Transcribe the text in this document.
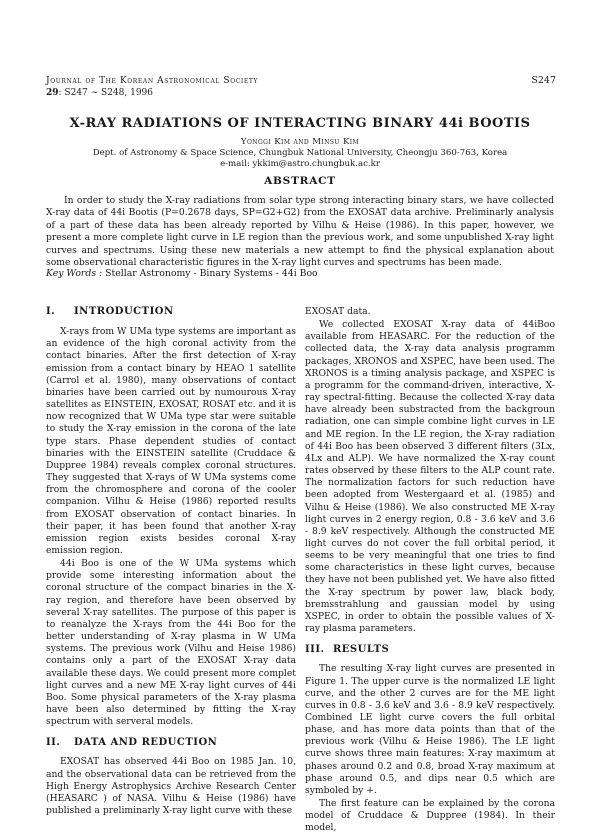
Journal of The Korean Astronomical Society
29: S247 ∼ S248, 1996
S247
X-RAY RADIATIONS OF INTERACTING BINARY 44i BOOTIS
Yonggi Kim and Minsu Kim
Dept. of Astronomy & Space Science, Chungbuk National University, Cheongju 360-763, Korea
e-mail: ykkim@astro.chungbuk.ac.kr
ABSTRACT

In order to study the X-ray radiations from solar type strong interacting binary stars, we have collected X-ray data of 44i Bootis (P=0.2678 days, SP=G2+G2) from the EXOSAT data archive. Preliminarly analysis of a part of these data has been already reported by Vilhu & Heise (1986). In this paper, however, we present a more complete light curve in LE region than the previous work, and some unpublished X-ray light curves and spectrums. Using these new materials a new attempt to find the physical explanation about some observational characteristic figures in the X-ray light curves and spectrums has been made.

Key Words : Stellar Astronomy - Binary Systems - 44i Boo
I. INTRODUCTION

X-rays from W UMa type systems are important as an evidence of the high coronal activity from the contact binaries. After the first detection of X-ray emission from a contact binary by HEAO 1 satellite (Carrol et al. 1980), many observations of contact binaries have been carried out by numourous X-ray satellites as EINSTEIN, EXOSAT, ROSAT etc. and it is now recognized that W UMa type star were suitable to study the X-ray emission in the corona of the late type stars. Phase dependent studies of contact binaries with the EINSTEIN satellite (Cruddace & Duppree 1984) reveals complex coronal structures. They suggested that X-rays of W UMa systems come from the chromosphere and corona of the cooler companion. Vilhu & Heise (1986) reported results from EXOSAT observation of contact binaries. In their paper, it has been found that another X-ray emission region exists besides coronal X-ray emission region.

44i Boo is one of the W UMa systems which provide some interesting information about the coronal structure of the compact binaries in the X-ray region, and therefore have been observed by several X-ray satellites. The purpose of this paper is to reanalyze the X-rays from the 44i Boo for the better understanding of X-ray plasma in W UMa systems. The previous work (Vilhu and Heise 1986) contains only a part of the EXOSAT X-ray data available these days. We could present more complet light curves and a new ME X-ray light curves of 44i Boo. Some physical parameters of the X-ray plasma have been also determined by fitting the X-ray spectrum with serveral models.

II. DATA AND REDUCTION

EXOSAT has observed 44i Boo on 1985 Jan. 10, and the observational data can be retrieved from the High Energy Astrophysics Archive Research Center (HEASARC ) of NASA. Vilhu & Heise (1986) have published a preliminarly X-ray light curve with these

EXOSAT data.

We collected EXOSAT X-ray data of 44iBoo available from HEASARC. For the reduction of the collected data, the X-ray data analysis programm packages, XRONOS and XSPEC, have been used. The XRONOS is a timing analysis package, and XSPEC is a programm for the command-driven, interactive, X-ray spectral-fitting. Because the collected X-ray data have already been substracted from the backgroun radiation, one can simple combine light curves in LE and ME region. In the LE region, the X-ray radiation of 44i Boo has been observed 3 different filters (3Lx, 4Lx and ALP). We have normalized the X-ray count rates observed by these filters to the ALP count rate. The normalization factors for such reduction have been adopted from Westergaard et al. (1985) and Vilhu & Heise (1986). We also constructed ME X-ray light curves in 2 energy region, 0.8 - 3.6 keV and 3.6 - 8.9 keV respectively. Although the constructed ME light curves do not cover the full orbital period, it seems to be very meaningful that one tries to find some characteristics in these light curves, because they have not been published yet. We have also fitted the X-ray spectrum by power law, black body, bremsstrahlung and gaussian model by using XSPEC, in order to obtain the possible values of X-ray plasma parameters.

III. RESULTS

The resulting X-ray light curves are presented in Figure 1. The upper curve is the normalized LE light curve, and the other 2 curves are for the ME light curves in 0.8 - 3.6 keV and 3.6 - 8.9 keV respectively. Combined LE light curve covers the full orbital phase, and has more data points than that of the previous work (Vilhu & Heise 1986). The LE light curve shows three main features: X-ray maximum at phases around 0.2 and 0.8, broad X-ray maximum at phase around 0.5, and dips near 0.5 which are symboled by +.

The first feature can be explained by the corona model of Cruddace & Duppree (1984). In their model,
